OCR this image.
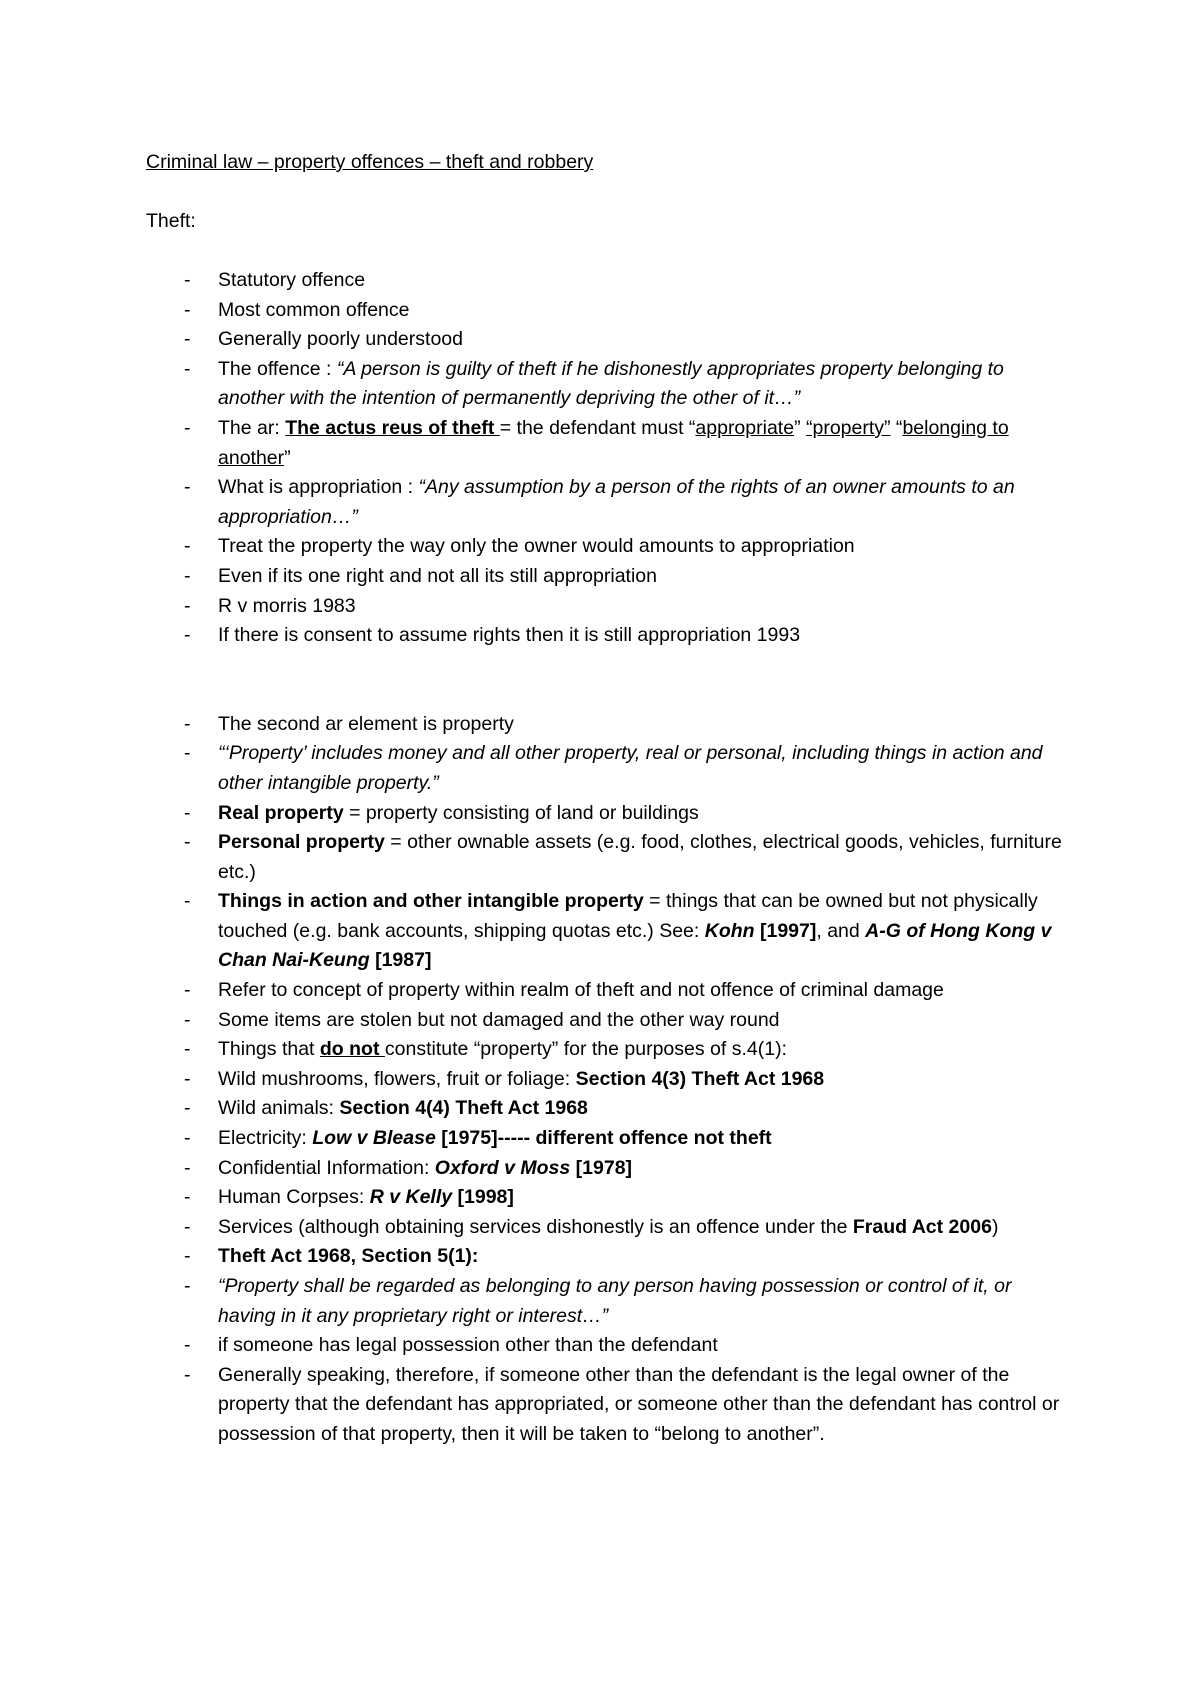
Criminal law – property offences – theft and robbery
Theft:
- Statutory offence
- Most common offence
- Generally poorly understood
- The offence : “A person is guilty of theft if he dishonestly appropriates property belonging to another with the intention of permanently depriving the other of it…”
- The ar: The actus reus of theft = the defendant must “appropriate” “property” “belonging to another”
- What is appropriation : “Any assumption by a person of the rights of an owner amounts to an appropriation…”
- Treat the property the way only the owner would amounts to appropriation
- Even if its one right and not all its still appropriation
- R v morris 1983
- If there is consent to assume rights then it is still appropriation 1993
- The second ar element is property
- “‘Property’ includes money and all other property, real or personal, including things in action and other intangible property.”
- Real property = property consisting of land or buildings
- Personal property = other ownable assets (e.g. food, clothes, electrical goods, vehicles, furniture etc.)
- Things in action and other intangible property = things that can be owned but not physically touched (e.g. bank accounts, shipping quotas etc.) See: Kohn [1997], and A-G of Hong Kong v Chan Nai-Keung [1987]
- Refer to concept of property within realm of theft and not offence of criminal damage
- Some items are stolen but not damaged and the other way round
- Things that do not constitute “property” for the purposes of s.4(1):
- Wild mushrooms, flowers, fruit or foliage: Section 4(3) Theft Act 1968
- Wild animals: Section 4(4) Theft Act 1968
- Electricity: Low v Blease [1975]----- different offence not theft
- Confidential Information: Oxford v Moss [1978]
- Human Corpses: R v Kelly [1998]
- Services (although obtaining services dishonestly is an offence under the Fraud Act 2006)
- Theft Act 1968, Section 5(1):
- “Property shall be regarded as belonging to any person having possession or control of it, or having in it any proprietary right or interest…”
- if someone has legal possession other than the defendant
- Generally speaking, therefore, if someone other than the defendant is the legal owner of the property that the defendant has appropriated, or someone other than the defendant has control or possession of that property, then it will be taken to “belong to another”.
